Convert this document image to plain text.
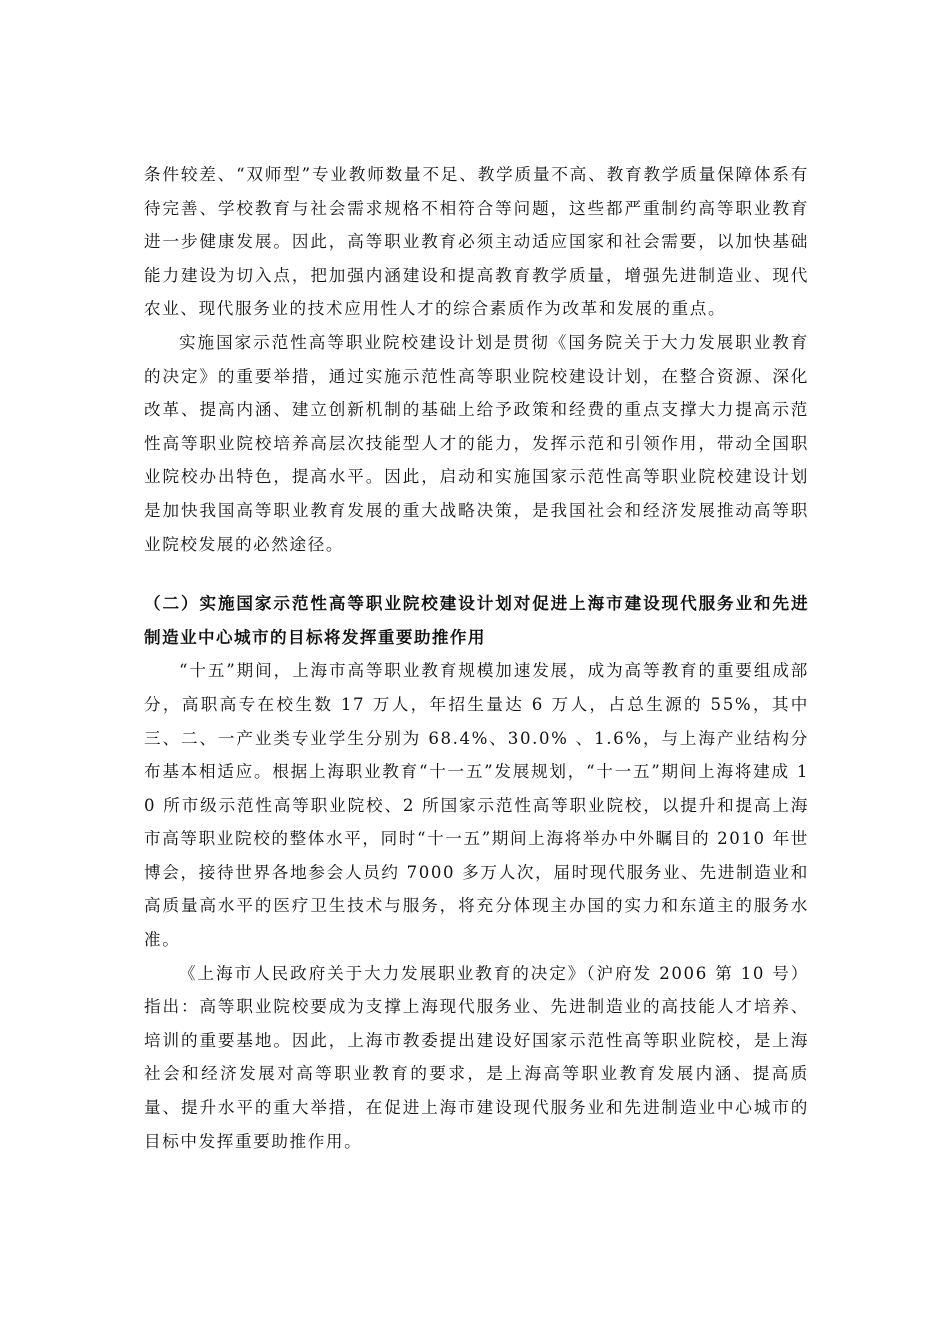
条件较差、“双师型”专业教师数量不足、教学质量不高、教育教学质量保障体系有待完善、学校教育与社会需求规格不相符合等问题，这些都严重制约高等职业教育进一步健康发展。因此，高等职业教育必须主动适应国家和社会需要，以加快基础能力建设为切入点，把加强内涵建设和提高教育教学质量，增强先进制造业、现代农业、现代服务业的技术应用性人才的综合素质作为改革和发展的重点。

实施国家示范性高等职业院校建设计划是贯彻《国务院关于大力发展职业教育的决定》的重要举措，通过实施示范性高等职业院校建设计划，在整合资源、深化改革、提高内涵、建立创新机制的基础上给予政策和经费的重点支撑大力提高示范性高等职业院校培养高层次技能型人才的能力，发挥示范和引领作用，带动全国职业院校办出特色，提高水平。因此，启动和实施国家示范性高等职业院校建设计划是加快我国高等职业教育发展的重大战略决策，是我国社会和经济发展推动高等职业院校发展的必然途径。

（二）实施国家示范性高等职业院校建设计划对促进上海市建设现代服务业和先进制造业中心城市的目标将发挥重要助推作用

“十五”期间，上海市高等职业教育规模加速发展，成为高等教育的重要组成部分，高职高专在校生数 17 万人，年招生量达 6 万人，占总生源的 55%，其中三、二、一产业类专业学生分别为 68.4%、30.0% 、1.6%，与上海产业结构分布基本相适应。根据上海职业教育“十一五”发展规划，“十一五”期间上海将建成 10 所市级示范性高等职业院校、2 所国家示范性高等职业院校，以提升和提高上海市高等职业院校的整体水平，同时“十一五”期间上海将举办中外瞩目的 2010 年世博会，接待世界各地参会人员约 7000 多万人次，届时现代服务业、先进制造业和高质量高水平的医疗卫生技术与服务，将充分体现主办国的实力和东道主的服务水准。

《上海市人民政府关于大力发展职业教育的决定》（沪府发 2006 第 10 号）指出：高等职业院校要成为支撑上海现代服务业、先进制造业的高技能人才培养、培训的重要基地。因此，上海市教委提出建设好国家示范性高等职业院校，是上海社会和经济发展对高等职业教育的要求，是上海高等职业教育发展内涵、提高质量、提升水平的重大举措，在促进上海市建设现代服务业和先进制造业中心城市的目标中发挥重要助推作用。
